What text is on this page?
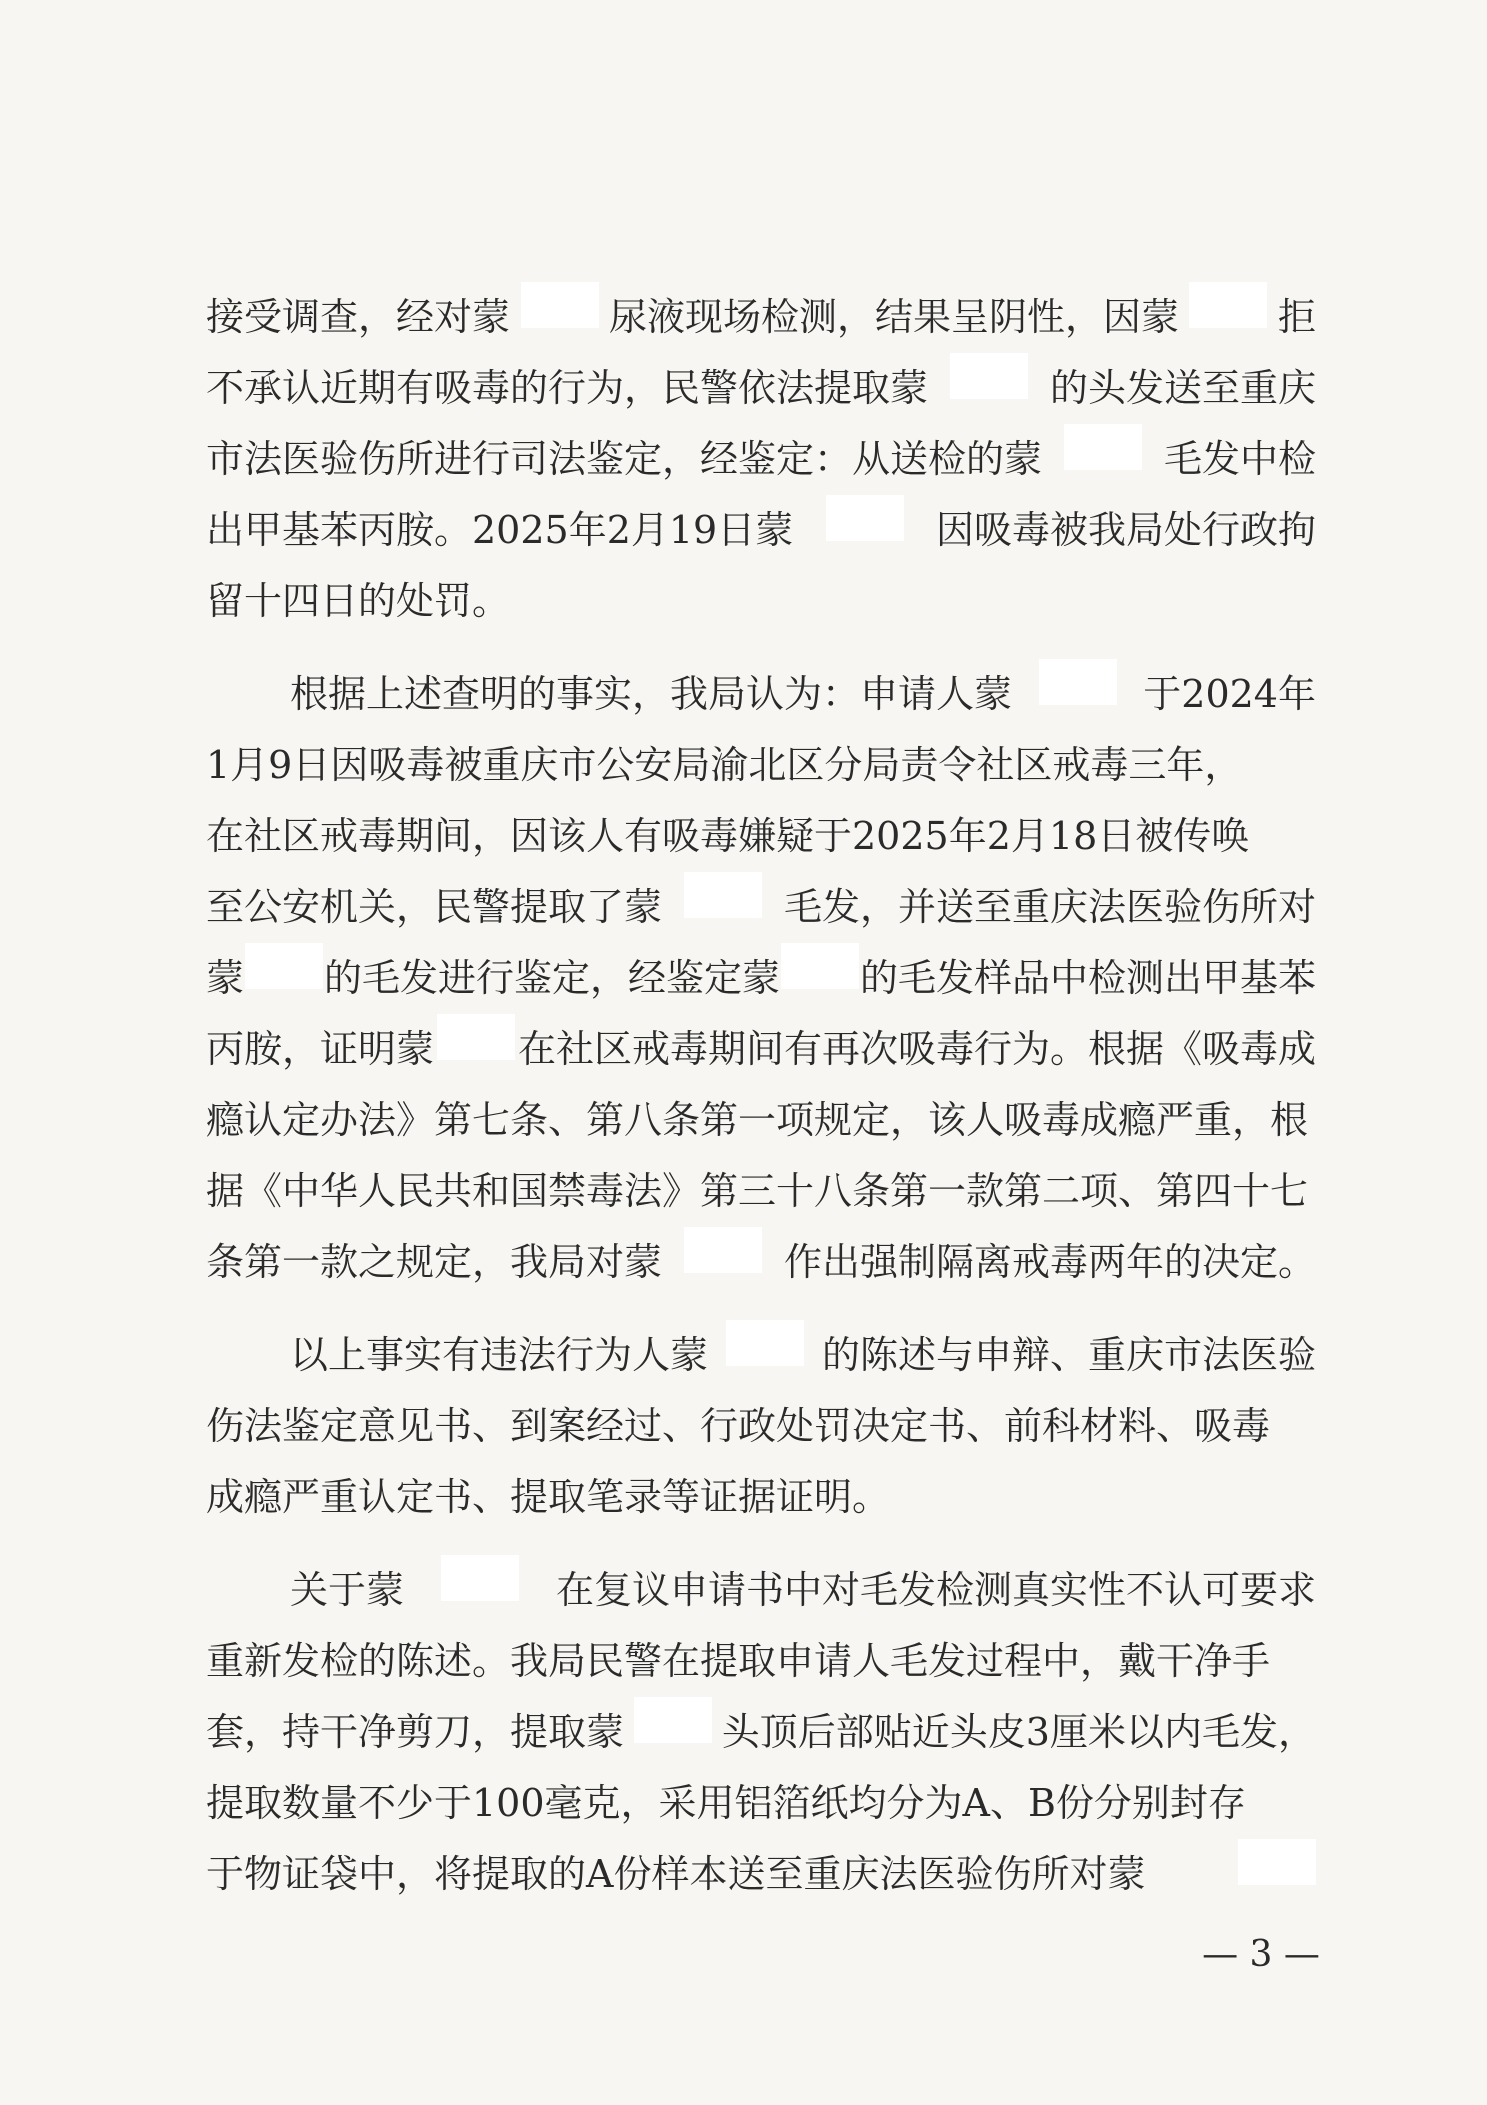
接受调查，经对蒙	尿液现场检测，结果呈阴性，因蒙	拒
不承认近期有吸毒的行为，民警依法提取蒙	的头发送至重庆
市法医验伤所进行司法鉴定，经鉴定：从送检的蒙	毛发中检
出甲基苯丙胺。2025年2月19日蒙	因吸毒被我局处行政拘
留十四日的处罚。
根据上述查明的事实，我局认为：申请人蒙	于2024年
1月9日因吸毒被重庆市公安局渝北区分局责令社区戒毒三年，
在社区戒毒期间，因该人有吸毒嫌疑于2025年2月18日被传唤
至公安机关，民警提取了蒙	毛发，并送至重庆法医验伤所对
蒙 的毛发进行鉴定，经鉴定蒙 的毛发样品中检测出甲基苯
丙胺，证明蒙 在社区戒毒期间有再次吸毒行为。根据《吸毒成
瘾认定办法》第七条、第八条第一项规定，该人吸毒成瘾严重，根
据《中华人民共和国禁毒法》第三十八条第一款第二项、第四十七
条第一款之规定，我局对蒙	作出强制隔离戒毒两年的决定。
以上事实有违法行为人蒙	的陈述与申辩、重庆市法医验
伤法鉴定意见书、到案经过、行政处罚决定书、前科材料、吸毒
成瘾严重认定书、提取笔录等证据证明。
关于蒙	在复议申请书中对毛发检测真实性不认可要求
重新发检的陈述。我局民警在提取申请人毛发过程中，戴干净手
套，持干净剪刀，提取蒙	头顶后部贴近头皮3厘米以内毛发，
提取数量不少于100毫克，采用铝箔纸均分为A、B份分别封存
于物证袋中，将提取的A份样本送至重庆法医验伤所对蒙
— 3 —
